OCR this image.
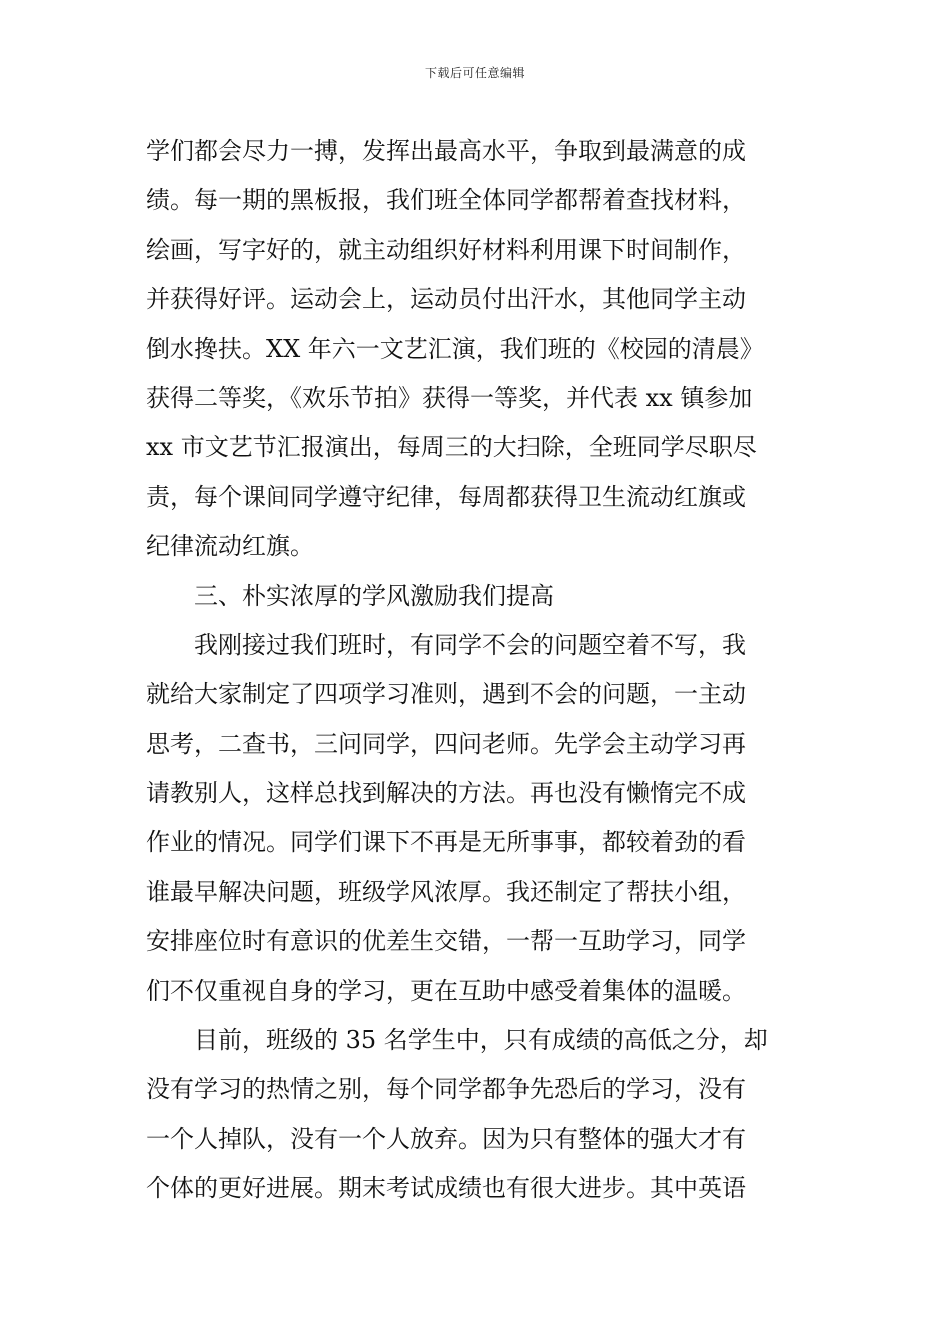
下载后可任意编辑
学们都会尽力一搏，发挥出最高水平，争取到最满意的成
绩。每一期的黑板报，我们班全体同学都帮着查找材料，
绘画，写字好的，就主动组织好材料利用课下时间制作，
并获得好评。运动会上，运动员付出汗水，其他同学主动
倒水搀扶。XX 年六一文艺汇演，我们班的《校园的清晨》
获得二等奖，《欢乐节拍》获得一等奖，并代表 xx 镇参加
xx 市文艺节汇报演出，每周三的大扫除，全班同学尽职尽
责，每个课间同学遵守纪律，每周都获得卫生流动红旗或
纪律流动红旗。
三、朴实浓厚的学风激励我们提高
我刚接过我们班时，有同学不会的问题空着不写，我
就给大家制定了四项学习准则，遇到不会的问题，一主动
思考，二查书，三问同学，四问老师。先学会主动学习再
请教别人，这样总找到解决的方法。再也没有懒惰完不成
作业的情况。同学们课下不再是无所事事，都较着劲的看
谁最早解决问题，班级学风浓厚。我还制定了帮扶小组，
安排座位时有意识的优差生交错，一帮一互助学习，同学
们不仅重视自身的学习，更在互助中感受着集体的温暖。
目前，班级的 35 名学生中，只有成绩的高低之分，却
没有学习的热情之别，每个同学都争先恐后的学习，没有
一个人掉队，没有一个人放弃。因为只有整体的强大才有
个体的更好进展。期末考试成绩也有很大进步。其中英语
